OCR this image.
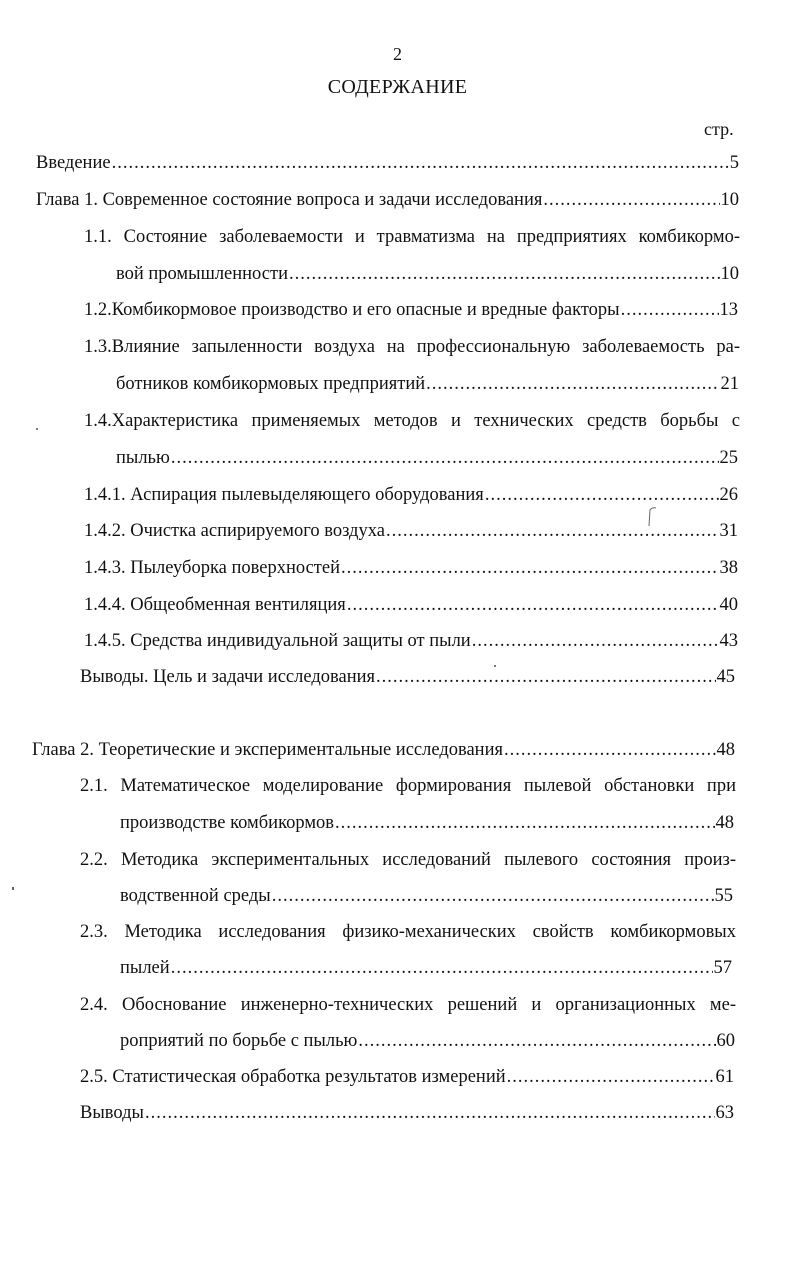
2
СОДЕРЖАНИЕ
стр.
Введение .....	5
Глава 1. Современное состояние вопроса и задачи исследования .....	10
1.1. Состояние заболеваемости и травматизма на предприятиях комбикормо-
вой промышленности .....	10
1.2.Комбикормовое производство и его опасные и вредные факторы .....	13
1.3.Влияние запыленности воздуха на профессиональную заболеваемость ра-
ботников комбикормовых предприятий .....	21
1.4.Характеристика применяемых методов и технических средств борьбы с
пылью .....	25
1.4.1. Аспирация пылевыделяющего оборудования .....	26
1.4.2. Очистка аспирируемого воздуха .....	31
1.4.3. Пылеуборка поверхностей .....	38
1.4.4. Общеобменная вентиляция .....	40
1.4.5. Средства индивидуальной защиты от пыли .....	43
Выводы. Цель и задачи исследования .....	45
Глава 2. Теоретические и экспериментальные исследования .....	48
2.1. Математическое моделирование формирования пылевой обстановки при
производстве комбикормов .....	48
2.2. Методика экспериментальных исследований пылевого состояния произ-
водственной среды .....	55
2.3. Методика исследования физико-механических свойств комбикормовых
пылей .....	57
2.4. Обоснование инженерно-технических решений и организационных ме-
роприятий по борьбе с пылью .....	60
2.5. Статистическая обработка результатов измерений .....	61
Выводы .....	63
